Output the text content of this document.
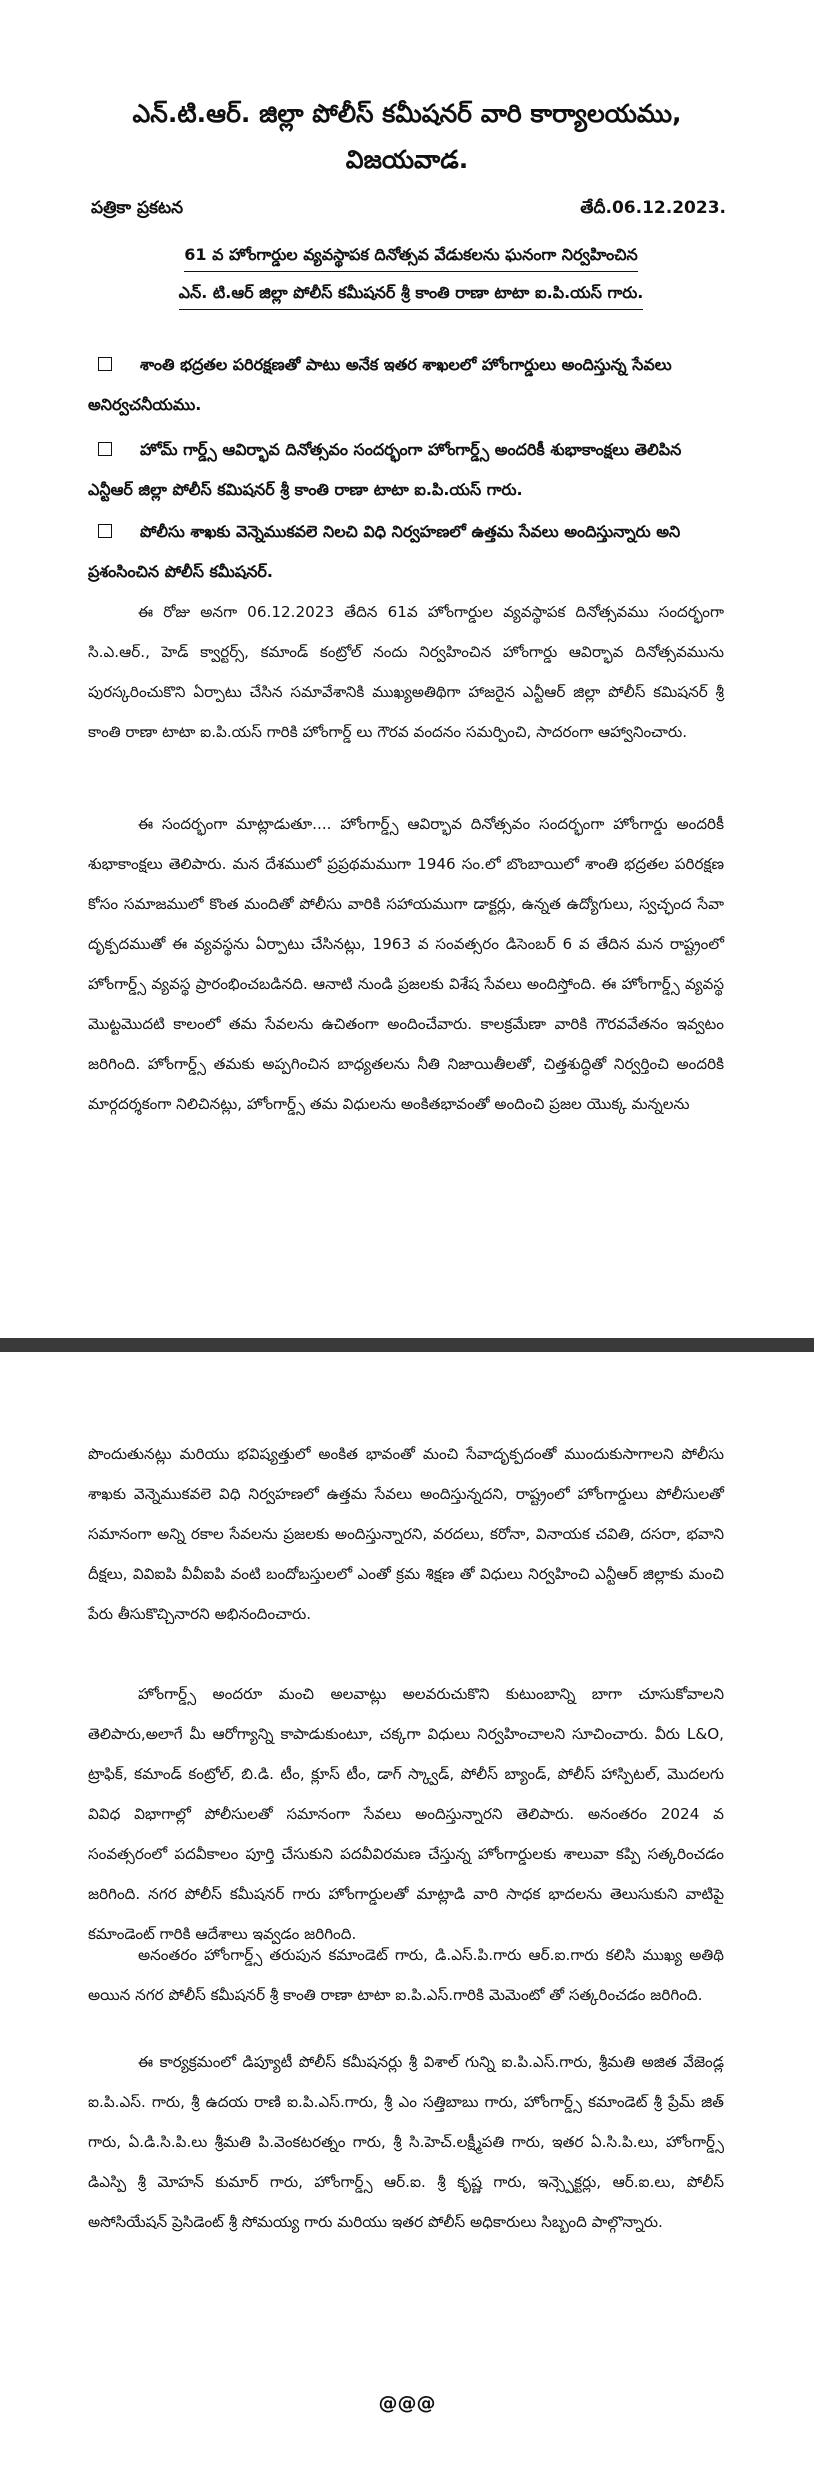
ఎన్.టి.ఆర్. జిల్లా పోలీస్ కమీషనర్ వారి కార్యాలయము,
విజయవాడ.
పత్రికా ప్రకటన	తేదీ.06.12.2023.

61 వ హోంగార్డుల వ్యవస్థాపక దినోత్సవ వేడుకలను ఘనంగా నిర్వహించిన

ఎన్. టి.ఆర్ జిల్లా పోలీస్ కమీషనర్ శ్రీ కాంతి రాణా టాటా ఐ.పి.యస్ గారు.

శాంతి భద్రతల పరిరక్షణతో పాటు అనేక ఇతర శాఖలలో హోంగార్డులు అందిస్తున్న సేవలు అనిర్వచనీయము.

హోమ్ గార్డ్స్ ఆవిర్భావ దినోత్సవం సందర్భంగా హోంగార్డ్స్ అందరికీ శుభాకాంక్షలు తెలిపిన ఎన్టీఆర్ జిల్లా పోలీస్ కమిషనర్ శ్రీ కాంతి రాణా టాటా ఐ.పి.యస్ గారు.

పోలీసు శాఖకు వెన్నెముకవలె నిలచి విధి నిర్వహణలో ఉత్తమ సేవలు అందిస్తున్నారు అని ప్రశంసించిన పోలీస్ కమీషనర్.

ఈ రోజు అనగా 06.12.2023 తేదిన 61వ హోంగార్డుల వ్యవస్థాపక దినోత్సవము సందర్భంగా సి.ఎ.ఆర్., హెడ్ క్వార్టర్స్, కమాండ్ కంట్రోల్ నందు నిర్వహించిన హోంగార్డు ఆవిర్భావ దినోత్సవమును పురస్కరించుకొని ఏర్పాటు చేసిన సమావేశానికి ముఖ్యఅతిథిగా హాజరైన ఎన్టీఆర్ జిల్లా పోలీస్ కమిషనర్ శ్రీ కాంతి రాణా టాటా ఐ.పి.యస్ గారికి హోంగార్డ్ లు గౌరవ వందనం సమర్పించి, సాదరంగా ఆహ్వానించారు.

ఈ సందర్భంగా మాట్లాడుతూ.... హోంగార్డ్స్ ఆవిర్భావ దినోత్సవం సందర్భంగా హోంగార్డు అందరికీ శుభాకాంక్షలు తెలిపారు. మన దేశములో ప్రప్రథమముగా 1946 సం.లో బొంబాయిలో శాంతి భద్రతల పరిరక్షణ కోసం సమాజములో కొంత మందితో పోలీసు వారికి సహాయముగా డాక్టర్లు, ఉన్నత ఉద్యోగులు, స్వచ్ఛంద సేవా దృక్పదముతో ఈ వ్యవస్థను ఏర్పాటు చేసినట్లు, 1963 వ సంవత్సరం డిసెంబర్ 6 వ తేదిన మన రాష్ట్రంలో హోంగార్డ్స్ వ్యవస్థ ప్రారంభించబడినది. ఆనాటి నుండి ప్రజలకు విశేష సేవలు అందిస్తోంది. ఈ హోంగార్డ్స్ వ్యవస్థ మొట్టమొదటి కాలంలో తమ సేవలను ఉచితంగా అందించేవారు. కాలక్రమేణా వారికి గౌరవవేతనం ఇవ్వటం జరిగింది. హోంగార్డ్స్ తమకు అప్పగించిన బాధ్యతలను నీతి నిజాయితీలతో, చిత్తశుద్ధితో నిర్వర్తించి అందరికి మార్గదర్శకంగా నిలిచినట్లు, హోంగార్డ్స్ తమ విధులను అంకితభావంతో అందించి ప్రజల యొక్క మన్నలను

పొందుతునట్లు మరియు భవిష్యత్తులో అంకిత భావంతో మంచి సేవాదృక్పదంతో ముందుకుసాగాలని పోలీసు శాఖకు వెన్నెముకవలె విధి నిర్వహణలో ఉత్తమ సేవలు అందిస్తున్నదని, రాష్ట్రంలో హోంగార్డులు పోలీసులతో సమానంగా అన్ని రకాల సేవలను ప్రజలకు అందిస్తున్నారని, వరదలు, కరోనా, వినాయక చవితి, దసరా, భవాని దీక్షలు, వివిఐపి వీవీఐపి వంటి బందోబస్తులలో ఎంతో క్రమ శిక్షణ తో విధులు నిర్వహించి ఎన్టీఆర్ జిల్లాకు మంచి పేరు తీసుకొచ్చినారని అభినందించారు.

హోంగార్డ్స్ అందరూ మంచి అలవాట్లు అలవరుచుకొని కుటుంబాన్ని బాగా చూసుకోవాలని తెలిపారు,అలాగే మీ ఆరోగ్యాన్ని కాపాడుకుంటూ, చక్కగా విధులు నిర్వహించాలని సూచించారు. వీరు L&O, ట్రాఫిక్, కమాండ్ కంట్రోల్, బి.డి. టీం, క్లూస్ టీం, డాగ్ స్క్వాడ్, పోలీస్ బ్యాండ్, పోలీస్ హాస్పిటల్, మొదలగు వివిధ విభాగాల్లో పోలీసులతో సమానంగా సేవలు అందిస్తున్నారని తెలిపారు. అనంతరం 2024 వ సంవత్సరంలో పదవీకాలం పూర్తి చేసుకుని పదవీవిరమణ చేస్తున్న హోంగార్డులకు శాలువా కప్పి సత్కరించడం జరిగింది. నగర పోలీస్ కమీషనర్ గారు హోంగార్డులతో మాట్లాడి వారి సాధక భాదలను తెలుసుకుని వాటిపై కమాండెంట్ గారికి ఆదేశాలు ఇవ్వడం జరిగింది.

అనంతరం హోంగార్డ్స్ తరుపున కమాండెట్ గారు, డి.ఎస్.పి.గారు ఆర్.ఐ.గారు కలిసి ముఖ్య అతిథి అయిన నగర పోలీస్ కమీషనర్ శ్రీ కాంతి రాణా టాటా ఐ.పి.ఎస్.గారికి మెమెంటో తో సత్కరించడం జరిగింది.

ఈ కార్యక్రమంలో డిప్యూటీ పోలీస్ కమీషనర్లు శ్రీ విశాల్ గున్ని ఐ.పి.ఎస్.గారు, శ్రీమతి అజిత వేజెండ్ల ఐ.పి.ఎస్. గారు, శ్రీ ఉదయ రాణి ఐ.పి.ఎస్.గారు, శ్రీ ఎం సత్తిబాబు గారు, హోంగార్డ్స్ కమాండెట్ శ్రీ ప్రేమ్ జిత్ గారు, ఏ.డి.సి.పి.లు శ్రీమతి పి.వెంకటరత్నం గారు, శ్రీ సి.హెచ్.లక్ష్మీపతి గారు, ఇతర ఏ.సి.పి.లు, హోంగార్డ్స్ డిఎస్పి శ్రీ మోహన్ కుమార్ గారు, హోంగార్డ్స్ ఆర్.ఐ. శ్రీ కృష్ణ గారు, ఇన్స్పెక్టర్లు, ఆర్.ఐ.లు, పోలీస్ అసోసియేషన్ ప్రెసిడెంట్ శ్రీ సోమయ్య గారు మరియు ఇతర పోలీస్ అధికారులు సిబ్బంది పాల్గొన్నారు.

@@@
